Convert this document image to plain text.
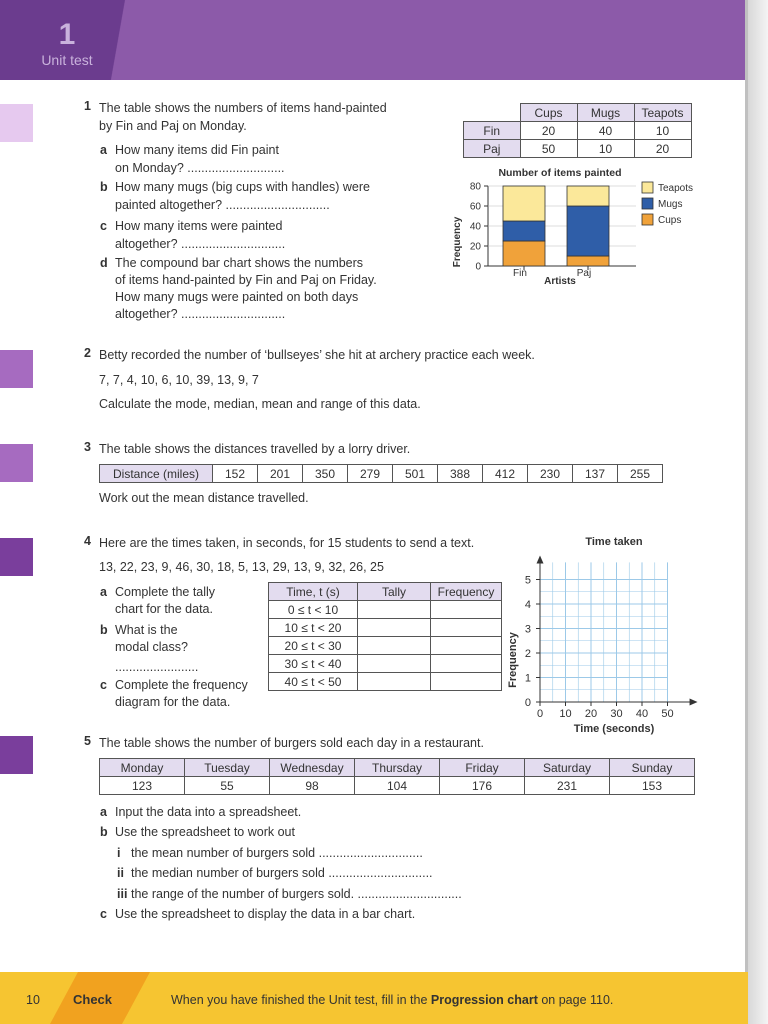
1
Unit test
1 The table shows the numbers of items hand-painted
by Fin and Paj on Monday.
a How many items did Fin paint
on Monday? ............................
b How many mugs (big cups with handles) were
painted altogether? ..............................
c How many items were painted
altogether? ..............................
d The compound bar chart shows the numbers
of items hand-painted by Fin and Paj on Friday.
How many mugs were painted on both days
altogether? ..............................
	Cups	Mugs	Teapots
Fin	20	40	10
Paj	50	10	20
Number of items painted
Frequency
Artists
0
20
40
60
80
Fin	Paj
Teapots
Mugs
Cups
2 Betty recorded the number of ‘bullseyes’ she hit at archery practice each week.
7, 7, 4, 10, 6, 10, 39, 13, 9, 7
Calculate the mode, median, mean and range of this data.
3 The table shows the distances travelled by a lorry driver.
Distance (miles)	152	201	350	279	501	388	412	230	137	255
Work out the mean distance travelled.
4 Here are the times taken, in seconds, for 15 students to send a text.
13, 22, 23, 9, 46, 30, 18, 5, 13, 29, 13, 9, 32, 26, 25
a Complete the tally
chart for the data.
b What is the
modal class?
........................
c Complete the frequency
diagram for the data.
Time, t (s)	Tally	Frequency
0 ≤ t < 10		
10 ≤ t < 20		
20 ≤ t < 30		
30 ≤ t < 40		
40 ≤ t < 50		
Time taken
Frequency
Time (seconds)
0 10 20 30 40 50
0
1
2
3
4
5
5 The table shows the number of burgers sold each day in a restaurant.
Monday	Tuesday	Wednesday	Thursday	Friday	Saturday	Sunday
123	55	98	104	176	231	153
a Input the data into a spreadsheet.
b Use the spreadsheet to work out
i the mean number of burgers sold ..............................
ii the median number of burgers sold ..............................
iii the range of the number of burgers sold. ..............................
c Use the spreadsheet to display the data in a bar chart.
10	Check	When you have finished the Unit test, fill in the Progression chart on page 110.
